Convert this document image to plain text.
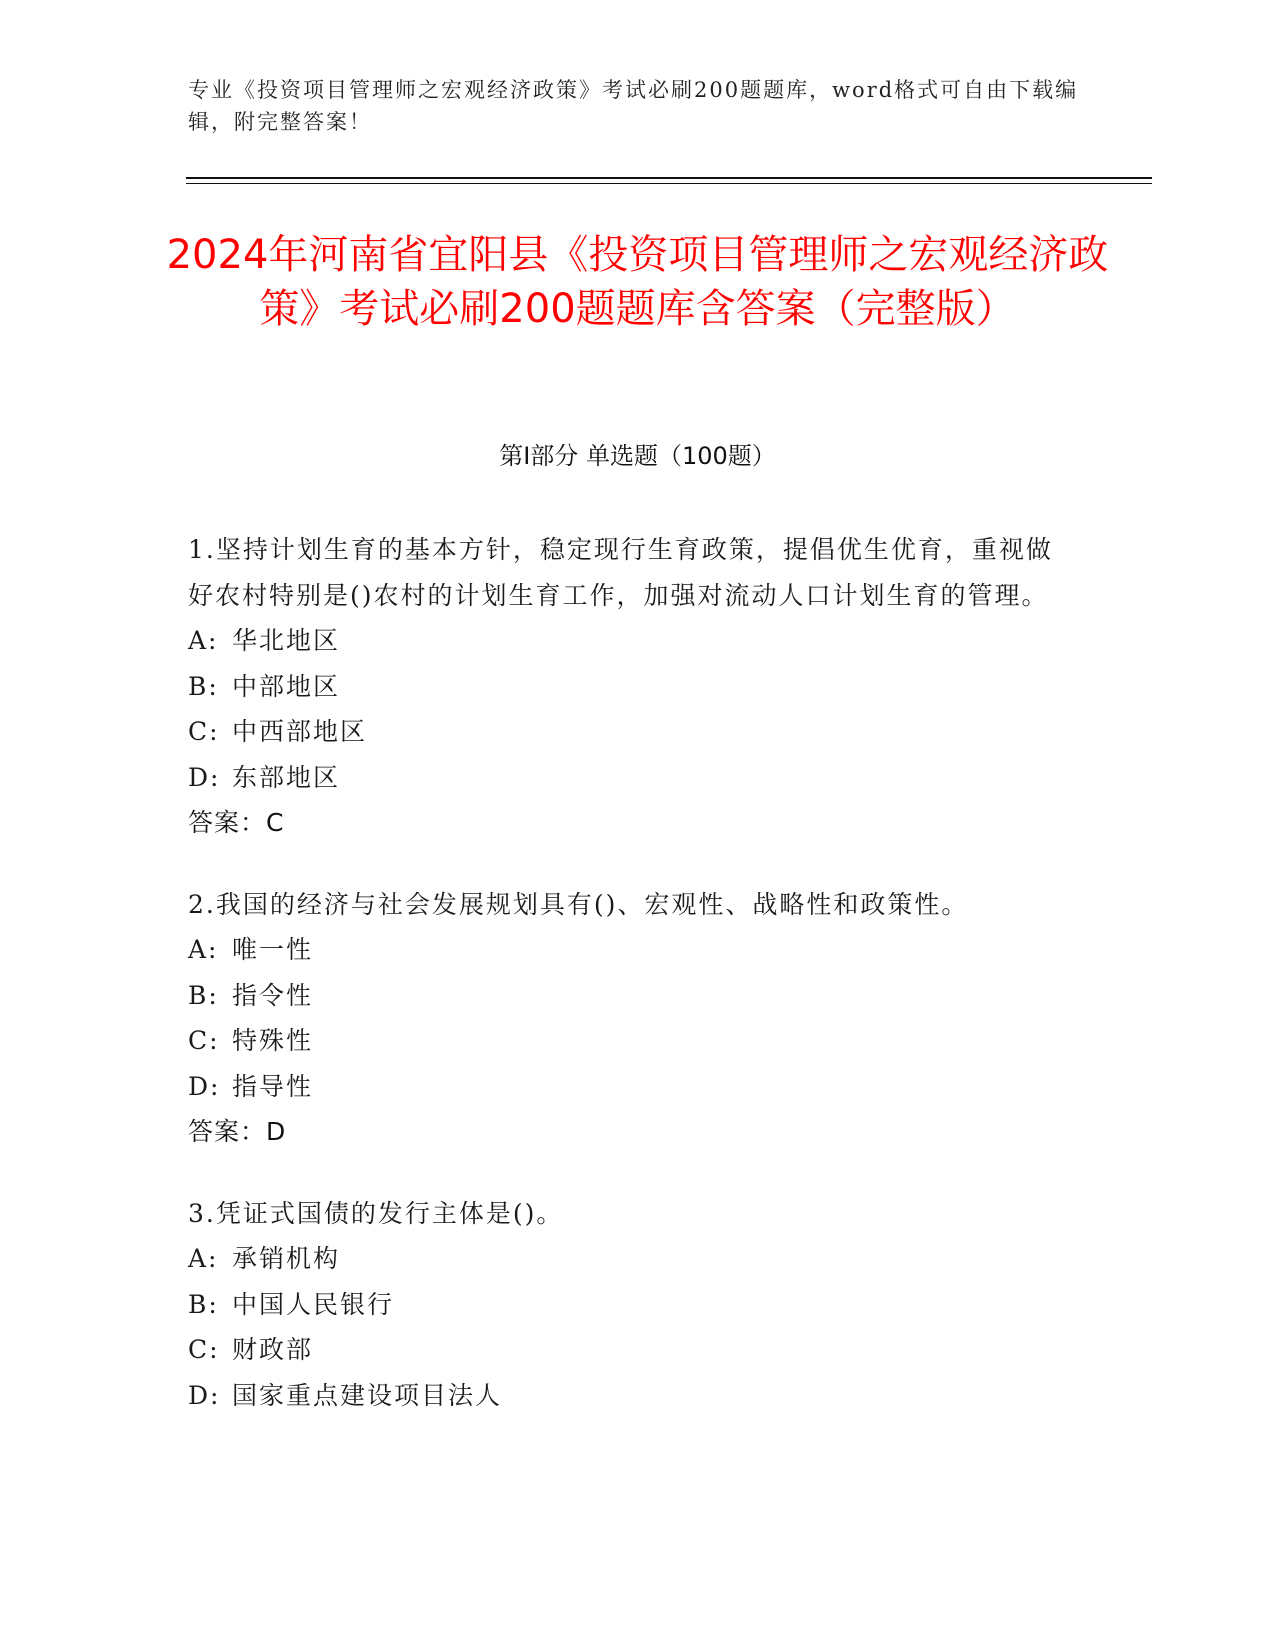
专业《投资项目管理师之宏观经济政策》考试必刷200题题库，word格式可自由下载编辑，附完整答案！
2024年河南省宜阳县《投资项目管理师之宏观经济政策》考试必刷200题题库含答案（完整版）
第Ⅰ部分 单选题（100题）

1.坚持计划生育的基本方针，稳定现行生育政策，提倡优生优育，重视做好农村特别是()农村的计划生育工作，加强对流动人口计划生育的管理。

A: 华北地区

B: 中部地区

C: 中西部地区

D: 东部地区

答案：C

2.我国的经济与社会发展规划具有()、宏观性、战略性和政策性。

A: 唯一性

B: 指令性

C: 特殊性

D: 指导性

答案：D

3.凭证式国债的发行主体是()。

A: 承销机构

B: 中国人民银行

C: 财政部

D: 国家重点建设项目法人
